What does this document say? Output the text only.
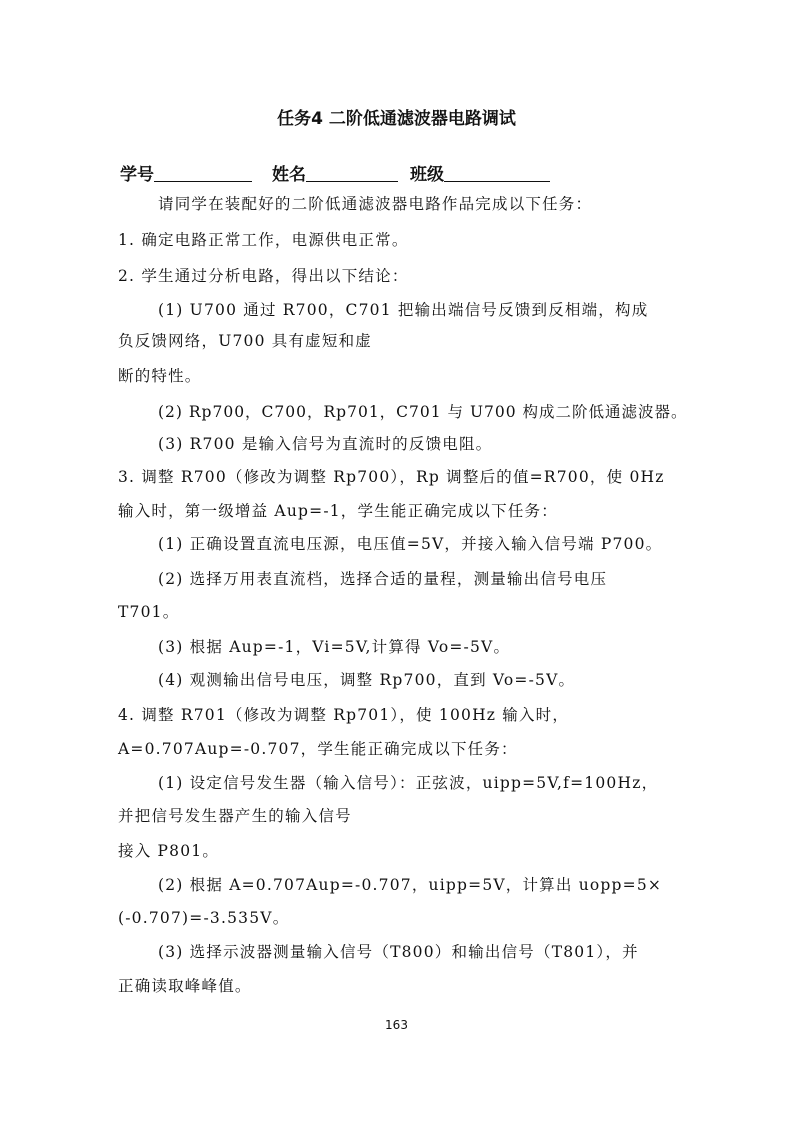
任务4 二阶低通滤波器电路调试
学号	姓名	班级
请同学在装配好的二阶低通滤波器电路作品完成以下任务：
1. 确定电路正常工作，电源供电正常。
2. 学生通过分析电路，得出以下结论：
(1) U700 通过 R700，C701 把输出端信号反馈到反相端，构成
负反馈网络，U700 具有虚短和虚
断的特性。
(2) Rp700，C700，Rp701，C701 与 U700 构成二阶低通滤波器。
(3) R700 是输入信号为直流时的反馈电阻。
3. 调整 R700（修改为调整 Rp700），Rp 调整后的值=R700，使 0Hz
输入时，第一级增益 Aup=-1，学生能正确完成以下任务：
(1) 正确设置直流电压源，电压值=5V，并接入输入信号端 P700。
(2) 选择万用表直流档，选择合适的量程，测量输出信号电压
T701。
(3) 根据 Aup=-1，Vi=5V,计算得 Vo=-5V。
(4) 观测输出信号电压，调整 Rp700，直到 Vo=-5V。
4. 调整 R701（修改为调整 Rp701），使 100Hz 输入时，
A=0.707Aup=-0.707，学生能正确完成以下任务：
(1) 设定信号发生器（输入信号）：正弦波，uipp=5V,f=100Hz，
并把信号发生器产生的输入信号
接入 P801。
(2) 根据 A=0.707Aup=-0.707，uipp=5V，计算出 uopp=5×
(-0.707)=-3.535V。
(3) 选择示波器测量输入信号（T800）和输出信号（T801），并
正确读取峰峰值。
163
